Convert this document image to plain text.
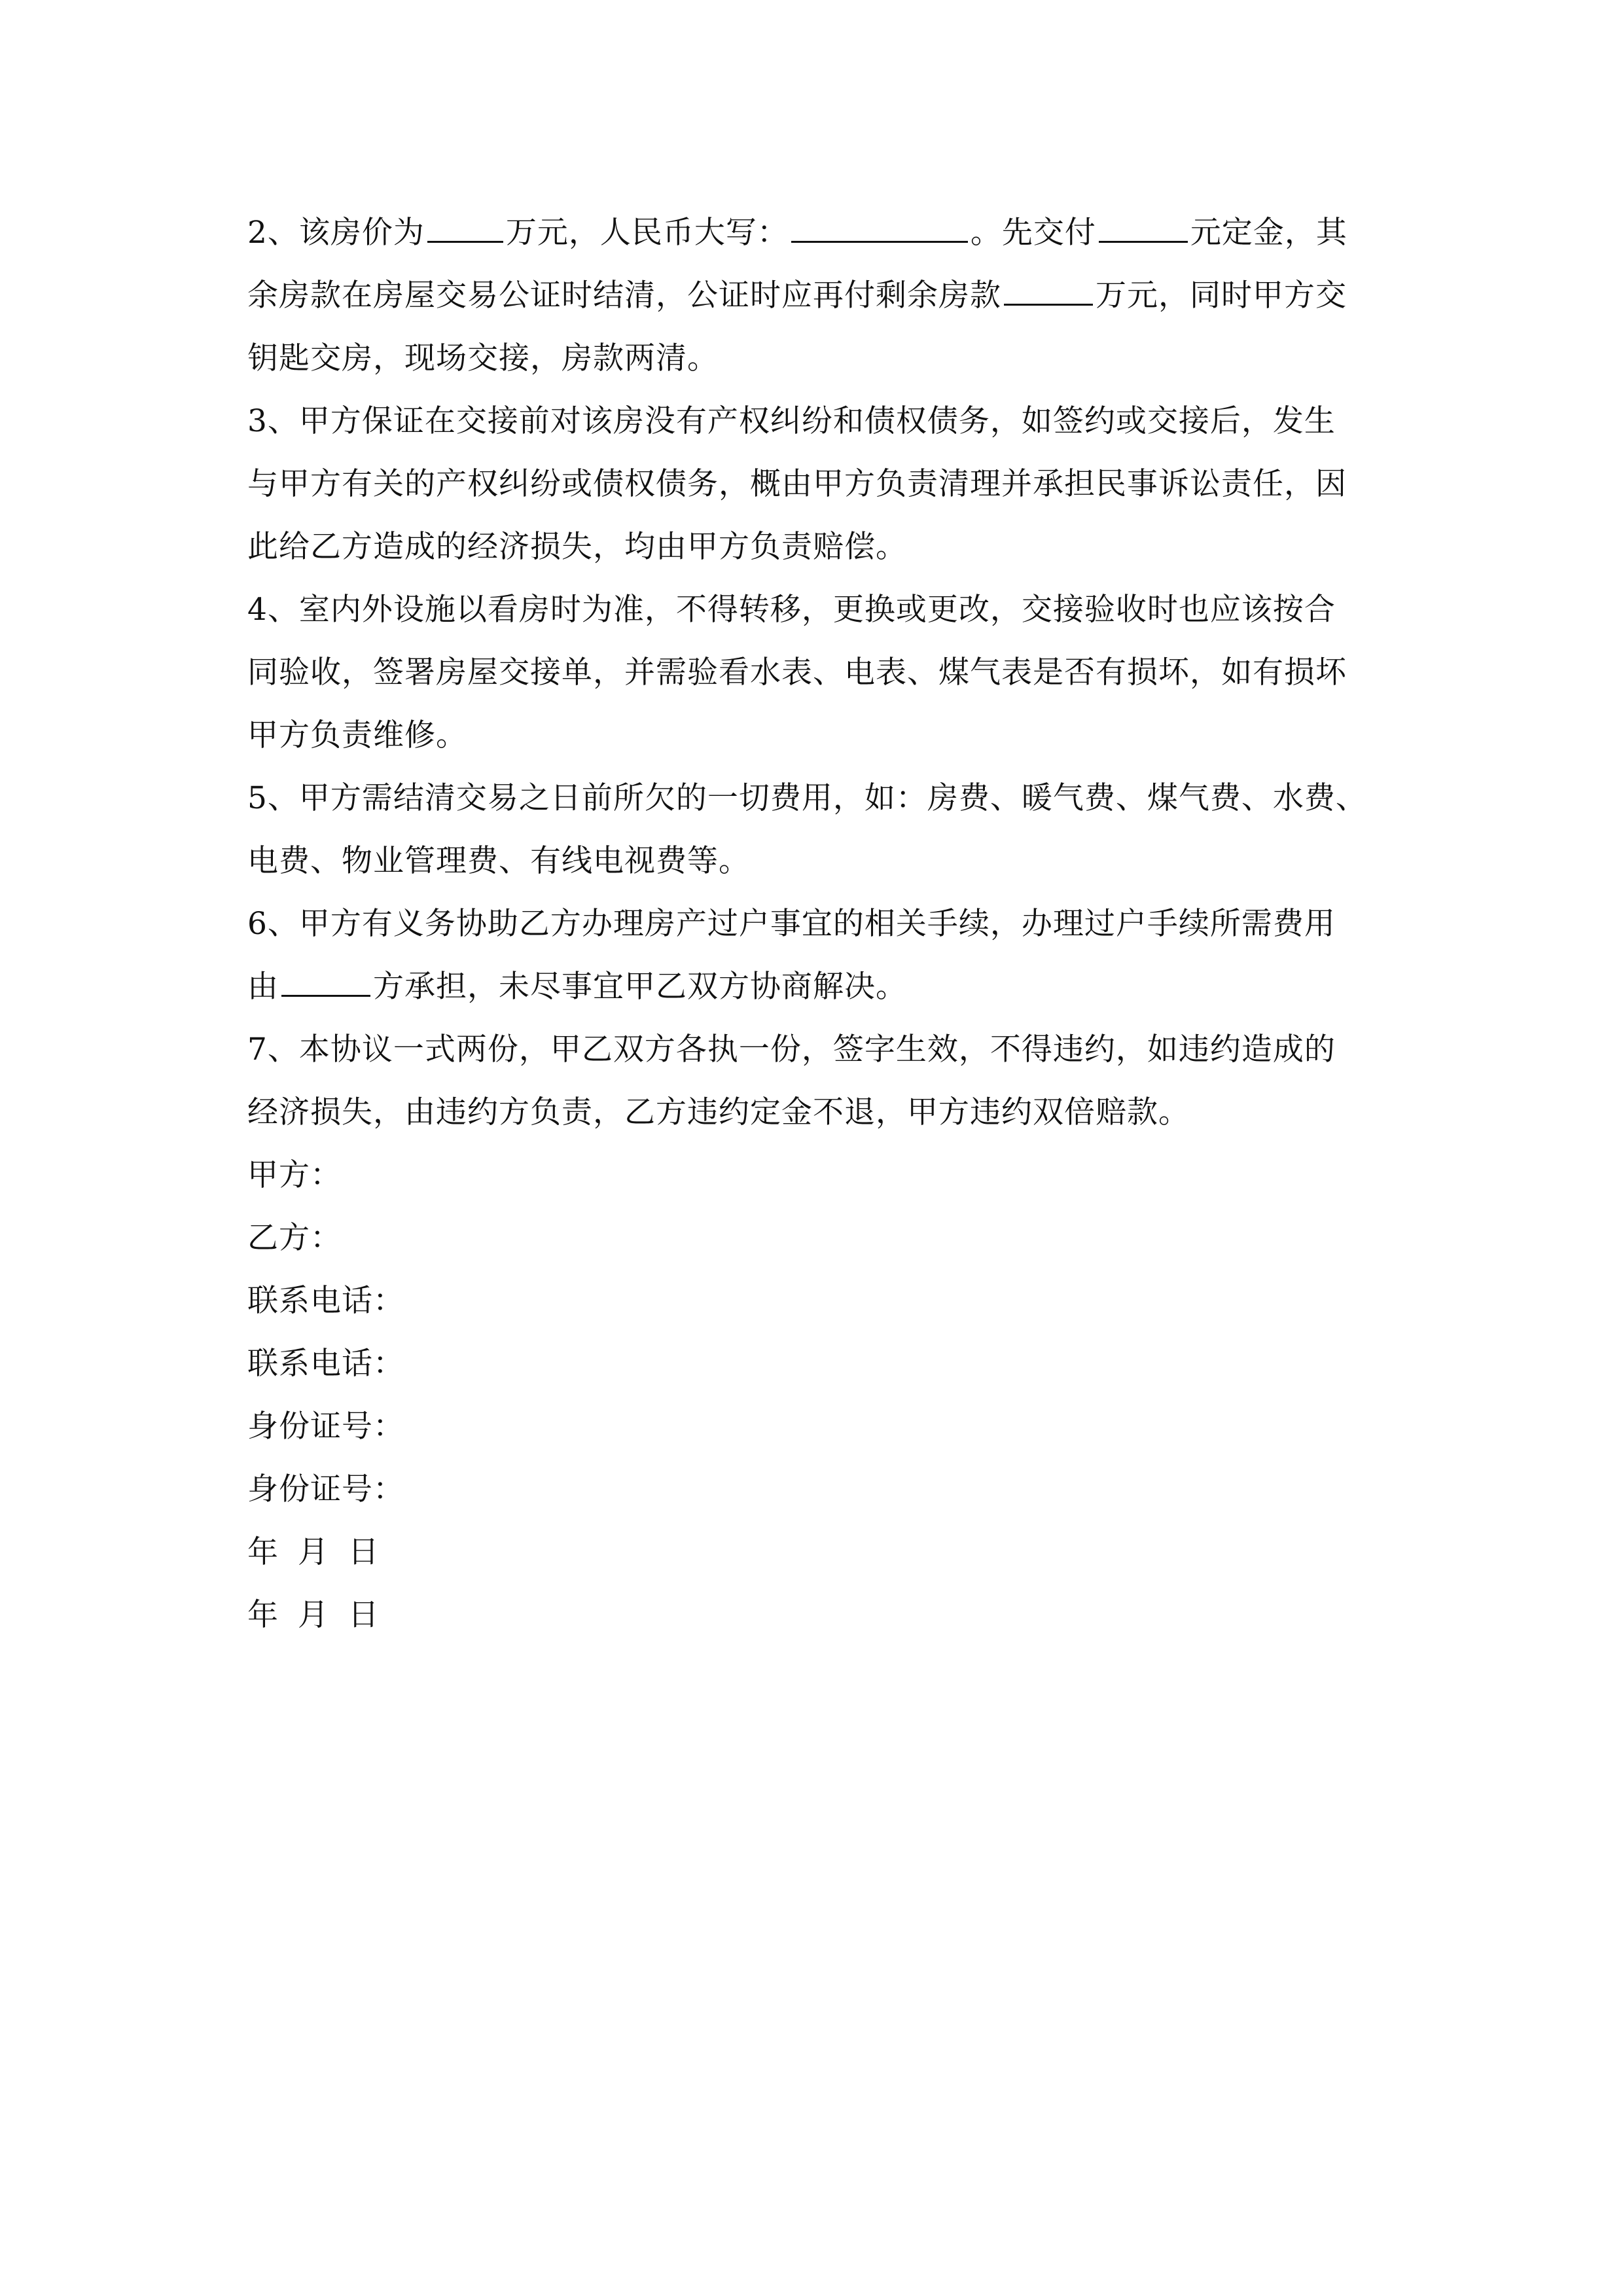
2、该房价为	万元，人民币大写：	。先交付	元定金，其

余房款在房屋交易公证时结清，公证时应再付剩余房款	万元，同时甲方交

钥匙交房，现场交接，房款两清。

3、甲方保证在交接前对该房没有产权纠纷和债权债务，如签约或交接后，发生

与甲方有关的产权纠纷或债权债务，概由甲方负责清理并承担民事诉讼责任，因

此给乙方造成的经济损失，均由甲方负责赔偿。

4、室内外设施以看房时为准，不得转移，更换或更改，交接验收时也应该按合

同验收，签署房屋交接单，并需验看水表、电表、煤气表是否有损坏，如有损坏

甲方负责维修。

5、甲方需结清交易之日前所欠的一切费用，如：房费、暖气费、煤气费、水费、

电费、物业管理费、有线电视费等。

6、甲方有义务协助乙方办理房产过户事宜的相关手续，办理过户手续所需费用

由	方承担，未尽事宜甲乙双方协商解决。

7、本协议一式两份，甲乙双方各执一份，签字生效，不得违约，如违约造成的

经济损失，由违约方负责，乙方违约定金不退，甲方违约双倍赔款。

甲方：

乙方：

联系电话：

联系电话：

身份证号：

身份证号：

年  月  日

年  月  日
